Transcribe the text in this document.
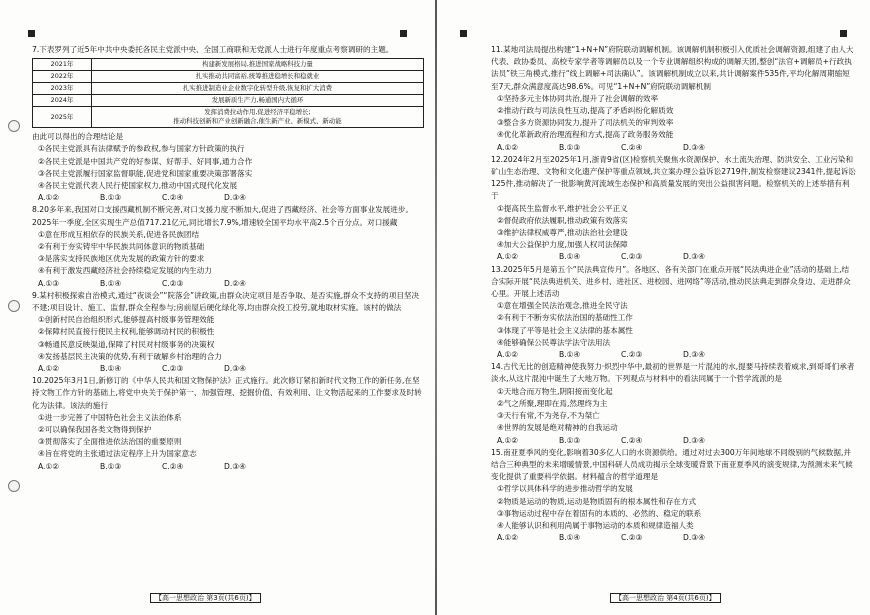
7.下表罗列了近5年中共中央委托各民主党派中央、全国工商联和无党派人士进行年度重点考察调研的主题。
2021年	构建新发展格局,推进国家战略科技力量
2022年	扎实推动共同富裕,统筹推进稳增长和稳就业
2023年	扎实推进制造业企业数字化转型升级,恢复和扩大消费
2024年	发展新质生产力,畅通国内大循环
2025年	发挥消费拉动作用,促进经济平稳增长;
推动科技创新和产业创新融合,催生新产业、新模式、新动能
由此可以得出的合理结论是
①各民主党派具有法律赋予的参政权,参与国家方针政策的执行
②各民主党派是中国共产党的好参谋、好帮手、好同事,通力合作
③各民主党派履行国家监督职能,促进党和国家重要决策部署落实
④各民主党派代表人民行使国家权力,推动中国式现代化发展
A.①②	B.①③	C.②④	D.③④
8.20多年来,我国对口支援西藏机制不断完善,对口支援力度不断加大,促进了西藏经济、社会等方面事业发展进步。2025年一季度,全区实现生产总值717.21亿元,同比增长7.9%,增速较全国平均水平高2.5个百分点。对口援藏
①意在形成互相依存的民族关系,促进各民族团结
②有利于夯实铸牢中华民族共同体意识的物质基础
③是落实支持民族地区优先发展的政策方针的要求
④有利于激发西藏经济社会持续稳定发展的内生动力
A.①③	B.①④	C.②③	D.②④
9.某村积极探索自治模式,通过“夜谈会”“院落会”讲政策,由群众决定项目是否争取、是否实施,群众不支持的项目坚决不建;项目设计、施工、监督,群众全程参与;房前屋后硬化绿化等,均由群众投工投劳,就地取材实施。该村的做法
①创新村民自治组织形式,能够提高村级事务管理效能
②保障村民直接行使民主权利,能够调动村民的积极性
③畅通民意反映渠道,保障了村民对村级事务的决策权
④发扬基层民主决策的优势,有利于破解乡村治理的合力
A.①②	B.①④	C.②③	D.③④
10.2025年3月1日,新修订的《中华人民共和国文物保护法》正式施行。此次修订紧扣新时代文物工作的新任务,在坚持文物工作方针的基础上,将党中央关于保护第一、加强管理、挖掘价值、有效利用、让文物活起来的工作要求及时转化为法律。该法的施行
①进一步完善了中国特色社会主义法治体系
②可以确保我国各类文物得到保护
③贯彻落实了全面推进依法治国的重要原则
④旨在将党的主张通过法定程序上升为国家意志
A.①②	B.①③	C.②④	D.③④
【高一思想政治 第3页(共6页)】
11.某地司法局提出构建“1+N+N”府院联动调解机制。该调解机制积极引入优质社会调解资源,组建了由人大代表、政协委员、高校专家学者等调解员以及一个专业调解组织构成的调解天团,整创“法官+调解员+行政执法员”铁三角模式,推行“线上调解+司法确认”。该调解机制成立以来,共计调解案件535件,平均化解周期缩短至7天,群众满意度高达98.6%。可见“1+N+N”府院联动调解机制
①坚持多元主体协同共治,提升了社会调解的效率
②推动行政与司法良性互动,提高了矛盾纠纷化解质效
③整合多方资源协同发力,提升了司法机关的审判效率
④优化革新政府治理流程和方式,提高了政务服务效能
A.①②	B.①③	C.②④	D.③④
12.2024年2月至2025年1月,浙青9省(区)检察机关聚焦水资源保护、水土流失治理、防洪安全、工业污染和矿山生态治理、文物和文化遗产保护等重点领域,共立案办理公益诉讼2719件,制发检察建议2341件,提起诉讼125件,推动解决了一批影响黄河流域生态保护和高质量发展的突出公益损害问题。检察机关的上述举措有利于
①提高民生监督水平,维护社会公平正义
②督促政府依法履职,推动政策有效落实
③维护法律权威尊严,推动法治社会建设
④加大公益保护力度,加强人权司法保障
A.①②	B.①④	C.②③	D.③④
13.2025年5月是第五个“民法典宣传月”。各地区、各有关部门在重点开展“民法典进企业”活动的基础上,结合实际开展“民法典进机关、进乡村、进社区、进校园、进网络”等活动,推动民法典走到群众身边、走进群众心里。开展上述活动
①意在增强全民法治观念,推进全民守法
②有利于不断夯实依法治国的基础性工作
③体现了平等是社会主义法律的基本属性
④能够确保公民尊法学法守法用法
A.①②	B.①④	C.②③	D.③④
14.古代无比的创造精神使我努力·炽烈中华中,最初的世界是一片混沌的水,提要马持续表着威求,到哥哥们承者淡水,从这片混沌中诞生了大地万物。下列观点与材料中的看法同属于一个哲学流派的是
①天地合而万物生,阴阳接而变化起
②气之所聚,理即在焉,然理终为主
③天行有常,不为尧存,不为桀亡
④世界的发展是绝对精神的自我运动
A.①②	B.①③	C.②④	D.③④
15.南亚夏季风的变化,影响着30多亿人口的水资源供给。通过对过去300万年间地球不同级别的气候数据,并结合三种典型的未来增暖情景,中国科研人员成功揭示全球变暖背景下南亚夏季风的演变规律,为预测未来气候变化提供了重要科学依据。材料蕴含的哲学道理是
①哲学以具体科学的进步推动哲学的发展
②物质是运动的物质,运动是物质固有的根本属性和存在方式
③事物运动过程中存在着固有的本质的、必然的、稳定的联系
④人能够认识和利用尚属于事物运动的本质和规律造福人类
A.①②	B.①④	C.②③	D.③④
【高一思想政治 第4页(共6页)】
